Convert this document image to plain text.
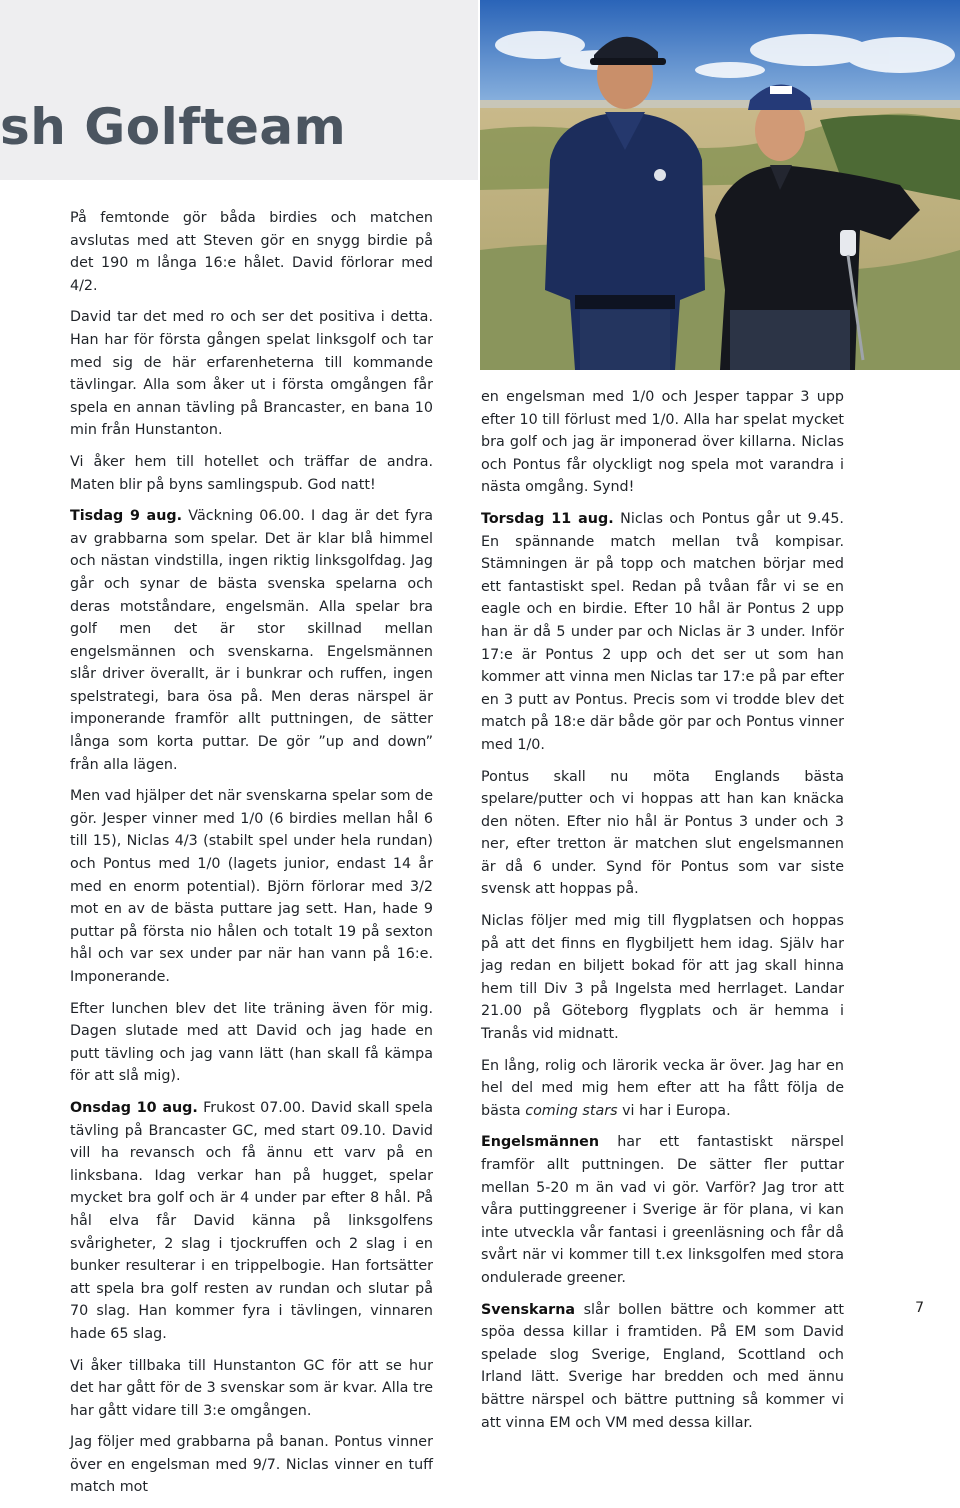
sh Golfteam

På femtonde gör båda birdies och matchen avslutas med att Steven gör en snygg birdie på det 190 m långa 16:e hålet. David förlorar med 4/2.

David tar det med ro och ser det positiva i detta. Han har för första gången spelat linksgolf och tar med sig de här erfarenheterna till kommande tävlingar. Alla som åker ut i första omgången får spela en annan tävling på Brancaster, en bana 10 min från Hunstanton.

Vi åker hem till hotellet och träffar de andra. Maten blir på byns samlingspub. God natt!

Tisdag 9 aug. Väckning 06.00. I dag är det fyra av grabbarna som spelar. Det är klar blå himmel och nästan vindstilla, ingen riktig linksgolfdag. Jag går och synar de bästa svenska spelarna och deras motståndare, engelsmän. Alla spelar bra golf men det är stor skillnad mellan engelsmännen och svenskarna. Engelsmännen slår driver överallt, är i bunkrar och ruffen, ingen spelstrategi, bara ösa på. Men deras närspel är imponerande framför allt puttningen, de sätter långa som korta puttar. De gör ”up and down” från alla lägen.

Men vad hjälper det när svenskarna spelar som de gör. Jesper vinner med 1/0 (6 birdies mellan hål 6 till 15), Niclas 4/3 (stabilt spel under hela rundan) och Pontus med 1/0 (lagets junior, endast 14 år med en enorm potential). Björn förlorar med 3/2 mot en av de bästa puttare jag sett. Han, hade 9 puttar på första nio hålen och totalt 19 på sexton hål och var sex under par när han vann på 16:e. Imponerande.

Efter lunchen blev det lite träning även för mig. Dagen slutade med att David och jag hade en putt tävling och jag vann lätt (han skall få kämpa för att slå mig).

Onsdag 10 aug. Frukost 07.00. David skall spela tävling på Brancaster GC, med start 09.10. David vill ha revansch och få ännu ett varv på en linksbana. Idag verkar han på hugget, spelar mycket bra golf och är 4 under par efter 8 hål. På hål elva får David känna på linksgolfens svårigheter, 2 slag i tjockruffen och 2 slag i en bunker resulterar i en trippelbogie. Han fortsätter att spela bra golf resten av rundan och slutar på 70 slag. Han kommer fyra i tävlingen, vinnaren hade 65 slag.

Vi åker tillbaka till Hunstanton GC för att se hur det har gått för de 3 svenskar som är kvar. Alla tre har gått vidare till 3:e omgången.

Jag följer med grabbarna på banan. Pontus vinner över en engelsman med 9/7. Niclas vinner en tuff match mot

en engelsman med 1/0 och Jesper tappar 3 upp efter 10 till förlust med 1/0. Alla har spelat mycket bra golf och jag är imponerad över killarna. Niclas och Pontus får olyckligt nog spela mot varandra i nästa omgång. Synd!

Torsdag 11 aug. Niclas och Pontus går ut 9.45. En spännande match mellan två kompisar. Stämningen är på topp och matchen börjar med ett fantastiskt spel. Redan på tvåan får vi se en eagle och en birdie. Efter 10 hål är Pontus 2 upp han är då 5 under par och Niclas är 3 under. Inför 17:e är Pontus 2 upp och det ser ut som han kommer att vinna men Niclas tar 17:e på par efter en 3 putt av Pontus. Precis som vi trodde blev det match på 18:e där både gör par och Pontus vinner med 1/0.

Pontus skall nu möta Englands bästa spelare/putter och vi hoppas att han kan knäcka den nöten. Efter nio hål är Pontus 3 under och 3 ner, efter tretton är matchen slut engelsmannen är då 6 under. Synd för Pontus som var siste svensk att hoppas på.

Niclas följer med mig till flygplatsen och hoppas på att det finns en flygbiljett hem idag. Själv har jag redan en biljett bokad för att jag skall hinna hem till Div 3 på Ingelsta med herrlaget. Landar 21.00 på Göteborg flygplats och är hemma i Tranås vid midnatt.

En lång, rolig och lärorik vecka är över. Jag har en hel del med mig hem efter att ha fått följa de bästa coming stars vi har i Europa.

Engelsmännen har ett fantastiskt närspel framför allt puttningen. De sätter fler puttar mellan 5-20 m än vad vi gör. Varför? Jag tror att våra puttinggreener i Sverige är för plana, vi kan inte utveckla vår fantasi i greenläsning och får då svårt när vi kommer till t.ex linksgolfen med stora ondulerade greener.

Svenskarna slår bollen bättre och kommer att spöa dessa killar i framtiden. På EM som David spelade slog Sverige, England, Scottland och Irland lätt. Sverige har bredden och med ännu bättre närspel och bättre puttning så kommer vi att vinna EM och VM med dessa killar.

7
